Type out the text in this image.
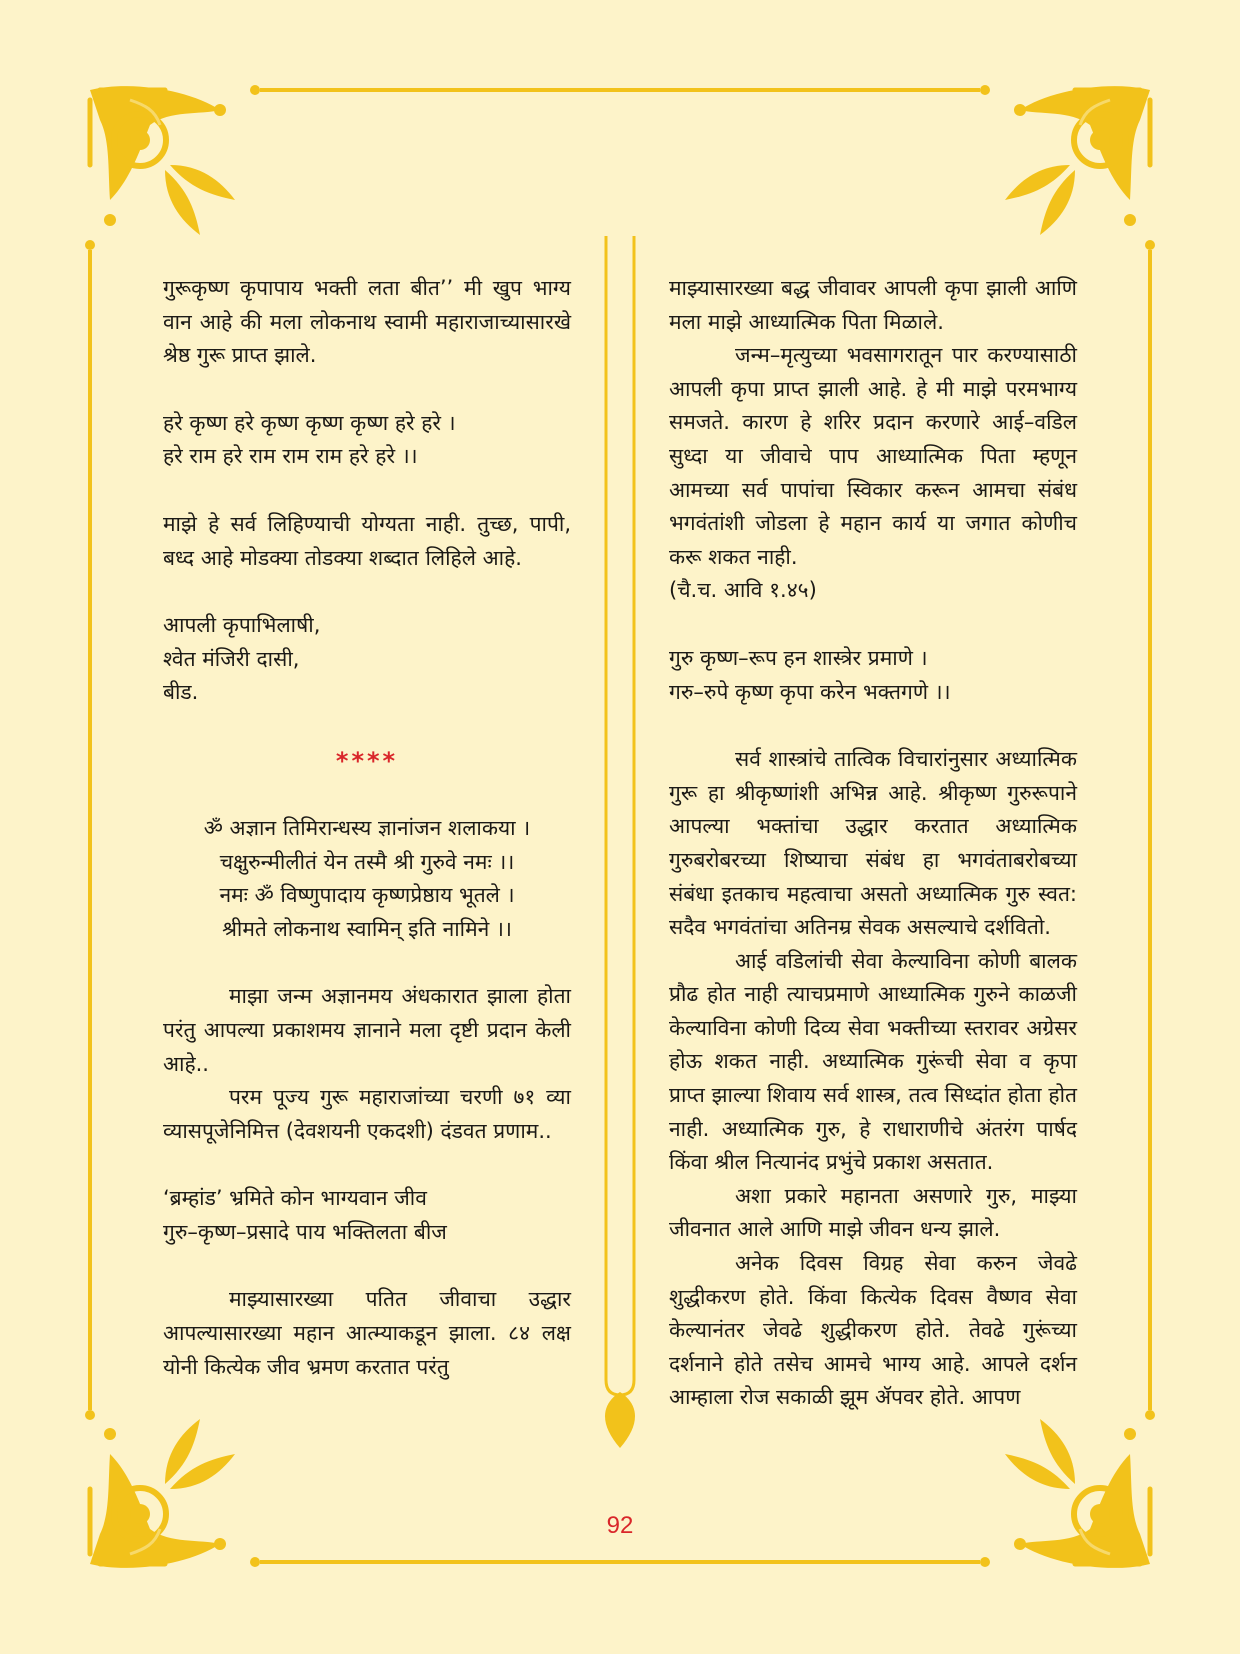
गुरूकृष्ण कृपापाय भक्ती लता बीत’’ मी खुप भाग्य वान आहे की मला लोकनाथ स्वामी महाराजाच्यासारखे श्रेष्ठ गुरू प्राप्त झाले.

हरे कृष्ण हरे कृष्ण कृष्ण कृष्ण हरे हरे ।
हरे राम हरे राम राम राम हरे हरे ।।

माझे हे सर्व लिहिण्याची योग्यता नाही. तुच्छ, पापी, बध्द आहे मोडक्या तोडक्या शब्दात लिहिले आहे.

आपली कृपाभिलाषी,
श्वेत मंजिरी दासी,
बीड.
****
ॐ अज्ञान तिमिरान्धस्य ज्ञानांजन शलाकया ।
चक्षुरुन्मीलीतं येन तस्मै श्री गुरुवे नमः ।।
नमः ॐ विष्णुपादाय कृष्णप्रेष्ठाय भूतले ।
श्रीमते लोकनाथ स्वामिन् इति नामिने ।।

माझा जन्म अज्ञानमय अंधकारात झाला होता परंतु आपल्या प्रकाशमय ज्ञानाने मला दृष्टी प्रदान केली आहे..

परम पूज्य गुरू महाराजांच्या चरणी ७१ व्या व्यासपूजेनिमित्त (देवशयनी एकदशी) दंडवत प्रणाम..

‘ब्रम्हांड’ भ्रमिते कोन भाग्यवान जीव
गुरु–कृष्ण–प्रसादे पाय भक्तिलता बीज

माझ्यासारख्या पतित जीवाचा उद्धार आपल्यासारख्या महान आत्म्याकडून झाला. ८४ लक्ष योनी कित्येक जीव भ्रमण करतात परंतु

माझ्यासारख्या बद्ध जीवावर आपली कृपा झाली आणि मला माझे आध्यात्मिक पिता मिळाले.

जन्म–मृत्युच्या भवसागरातून पार करण्यासाठी आपली कृपा प्राप्त झाली आहे. हे मी माझे परमभाग्य समजते. कारण हे शरिर प्रदान करणारे आई–वडिल सुध्दा या जीवाचे पाप आध्यात्मिक पिता म्हणून आमच्या सर्व पापांचा स्विकार करून आमचा संबंध भगवंतांशी जोडला हे महान कार्य या जगात कोणीच करू शकत नाही.

(चै.च. आवि १.४५)

गुरु कृष्ण–रूप हन शास्त्रेर प्रमाणे ।
गरु–रुपे कृष्ण कृपा करेन भक्तगणे ।।

सर्व शास्त्रांचे तात्विक विचारांनुसार अध्यात्मिक गुरू हा श्रीकृष्णांशी अभिन्न आहे. श्रीकृष्ण गुरुरूपाने आपल्या भक्तांचा उद्धार करतात अध्यात्मिक गुरुबरोबरच्या शिष्याचा संबंध हा भगवंताबरोबच्या संबंधा इतकाच महत्वाचा असतो अध्यात्मिक गुरु स्वत: सदैव भगवंतांचा अतिनम्र सेवक असल्याचे दर्शवितो.

आई वडिलांची सेवा केल्याविना कोणी बालक प्रौढ होत नाही त्याचप्रमाणे आध्यात्मिक गुरुने काळजी केल्याविना कोणी दिव्य सेवा भक्तीच्या स्तरावर अग्रेसर होऊ शकत नाही. अध्यात्मिक गुरूंची सेवा व कृपा प्राप्त झाल्या शिवाय सर्व शास्त्र, तत्व सिध्दांत होता होत नाही. अध्यात्मिक गुरु, हे राधाराणीचे अंतरंग पार्षद किंवा श्रील नित्यानंद प्रभुंचे प्रकाश असतात.

अशा प्रकारे महानता असणारे गुरु, माझ्या जीवनात आले आणि माझे जीवन धन्य झाले.

अनेक दिवस विग्रह सेवा करुन जेवढे शुद्धीकरण होते. किंवा कित्येक दिवस वैष्णव सेवा केल्यानंतर जेवढे शुद्धीकरण होते. तेवढे गुरूंच्या दर्शनाने होते तसेच आमचे भाग्य आहे. आपले दर्शन आम्हाला रोज सकाळी झूम ॲपवर होते. आपण

92
